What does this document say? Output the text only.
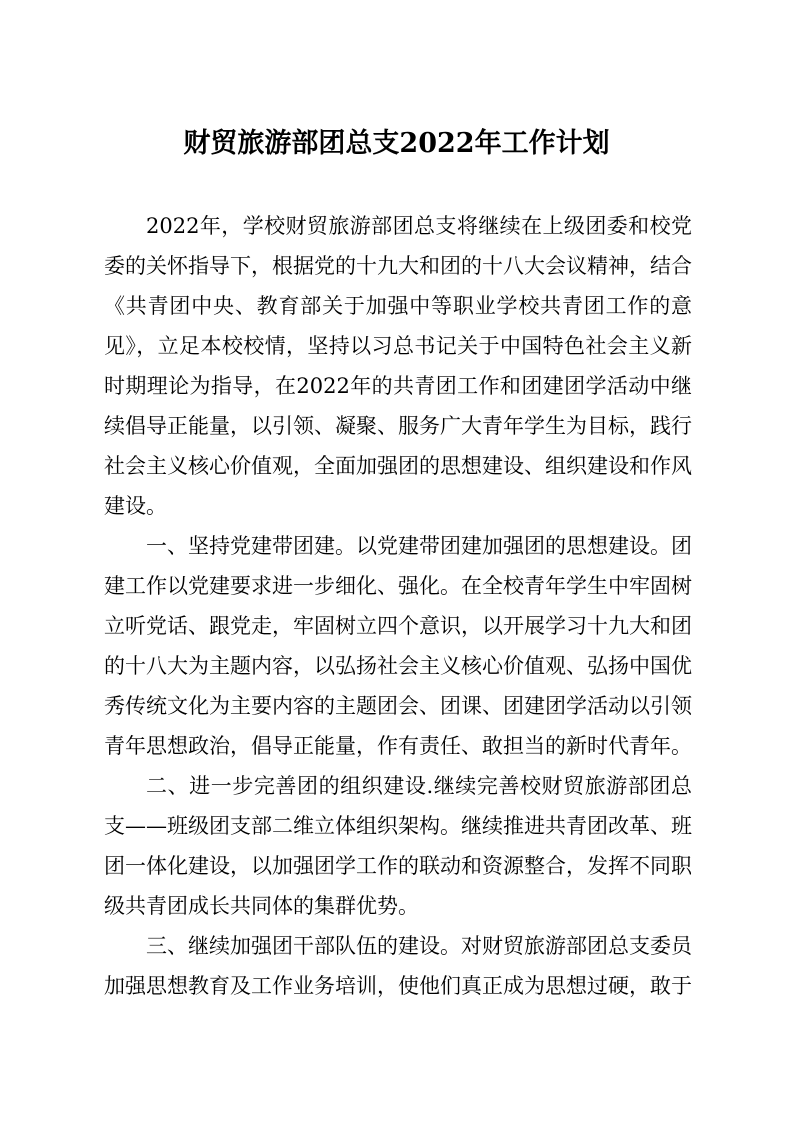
财贸旅游部团总支2022年工作计划
2022年，学校财贸旅游部团总支将继续在上级团委和校党
委的关怀指导下，根据党的十九大和团的十八大会议精神，结合
《共青团中央、教育部关于加强中等职业学校共青团工作的意
见》，立足本校校情，坚持以习总书记关于中国特色社会主义新
时期理论为指导，在2022年的共青团工作和团建团学活动中继
续倡导正能量，以引领、凝聚、服务广大青年学生为目标，践行
社会主义核心价值观，全面加强团的思想建设、组织建设和作风
建设。
一、坚持党建带团建。以党建带团建加强团的思想建设。团
建工作以党建要求进一步细化、强化。在全校青年学生中牢固树
立听党话、跟党走，牢固树立四个意识，以开展学习十九大和团
的十八大为主题内容，以弘扬社会主义核心价值观、弘扬中国优
秀传统文化为主要内容的主题团会、团课、团建团学活动以引领
青年思想政治，倡导正能量，作有责任、敢担当的新时代青年。
二、进一步完善团的组织建设.继续完善校财贸旅游部团总
支——班级团支部二维立体组织架构。继续推进共青团改革、班
团一体化建设，以加强团学工作的联动和资源整合，发挥不同职
级共青团成长共同体的集群优势。
三、继续加强团干部队伍的建设。对财贸旅游部团总支委员
加强思想教育及工作业务培训，使他们真正成为思想过硬，敢于
